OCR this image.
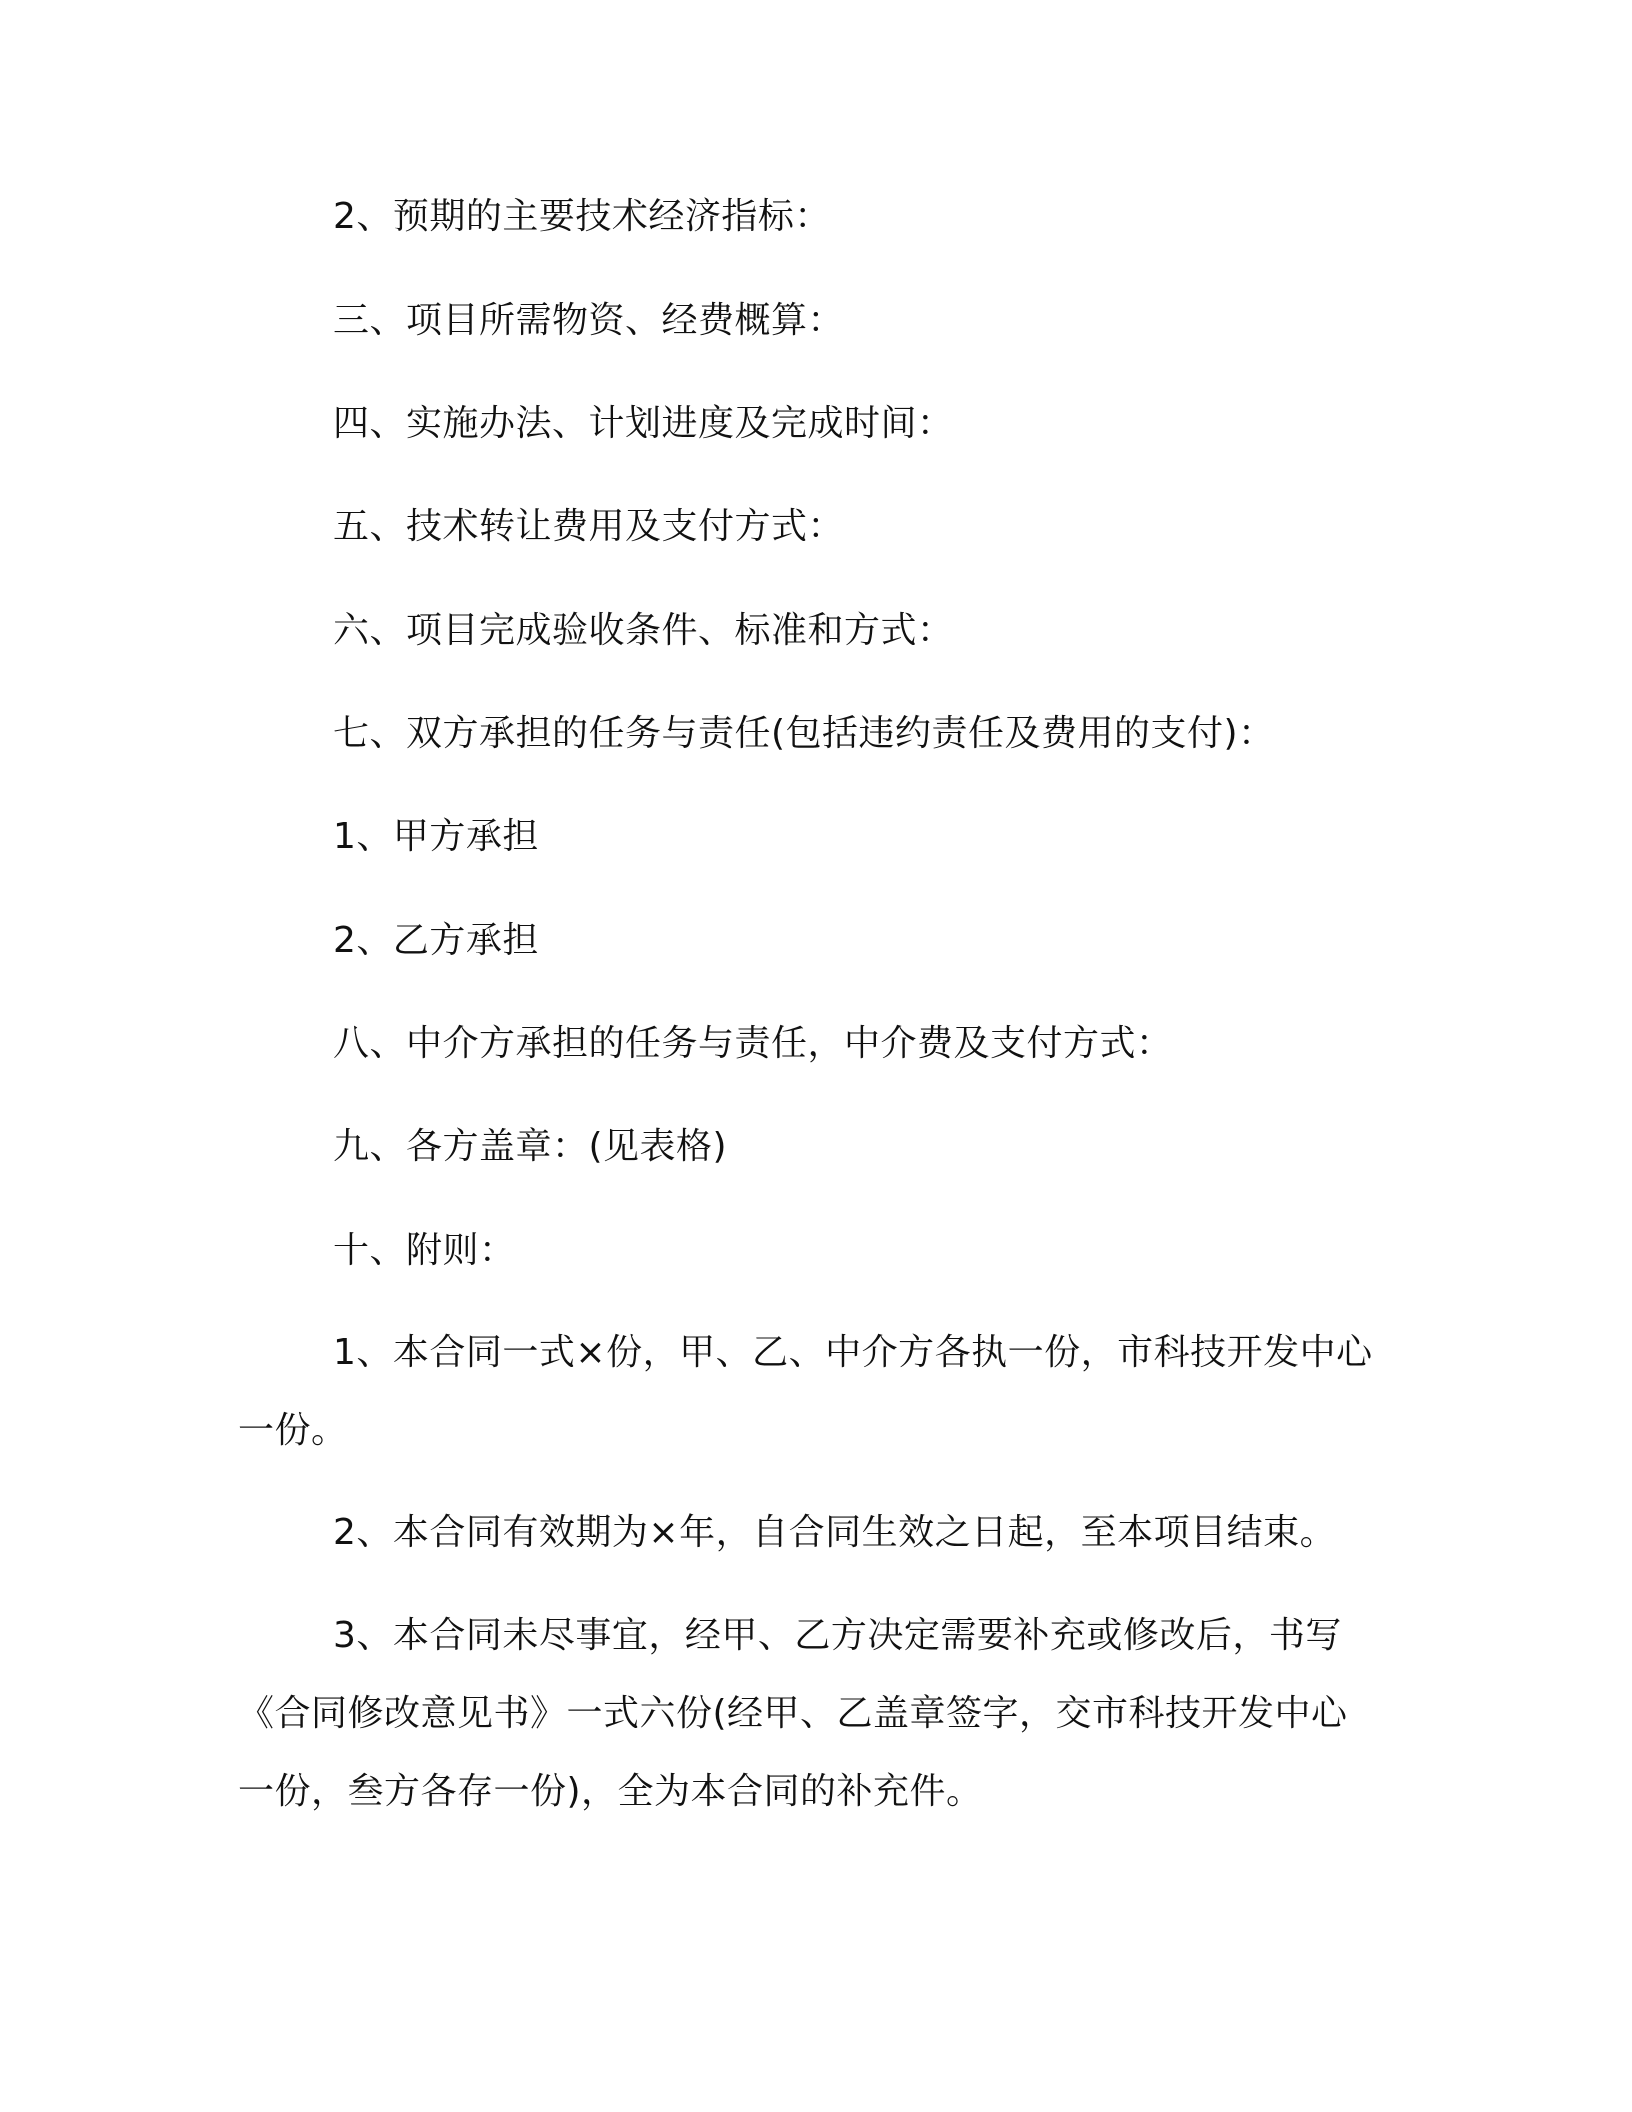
2、预期的主要技术经济指标：
三、项目所需物资、经费概算：
四、实施办法、计划进度及完成时间：
五、技术转让费用及支付方式：
六、项目完成验收条件、标准和方式：
七、双方承担的任务与责任(包括违约责任及费用的支付)：
1、甲方承担
2、乙方承担
八、中介方承担的任务与责任，中介费及支付方式：
九、各方盖章：(见表格)
十、附则：

1、本合同一式×份，甲、乙、中介方各执一份，市科技开发中心一份。

2、本合同有效期为×年，自合同生效之日起，至本项目结束。

3、本合同未尽事宜，经甲、乙方决定需要补充或修改后，书写《合同修改意见书》一式六份(经甲、乙盖章签字，交市科技开发中心一份，叁方各存一份)，全为本合同的补充件。
